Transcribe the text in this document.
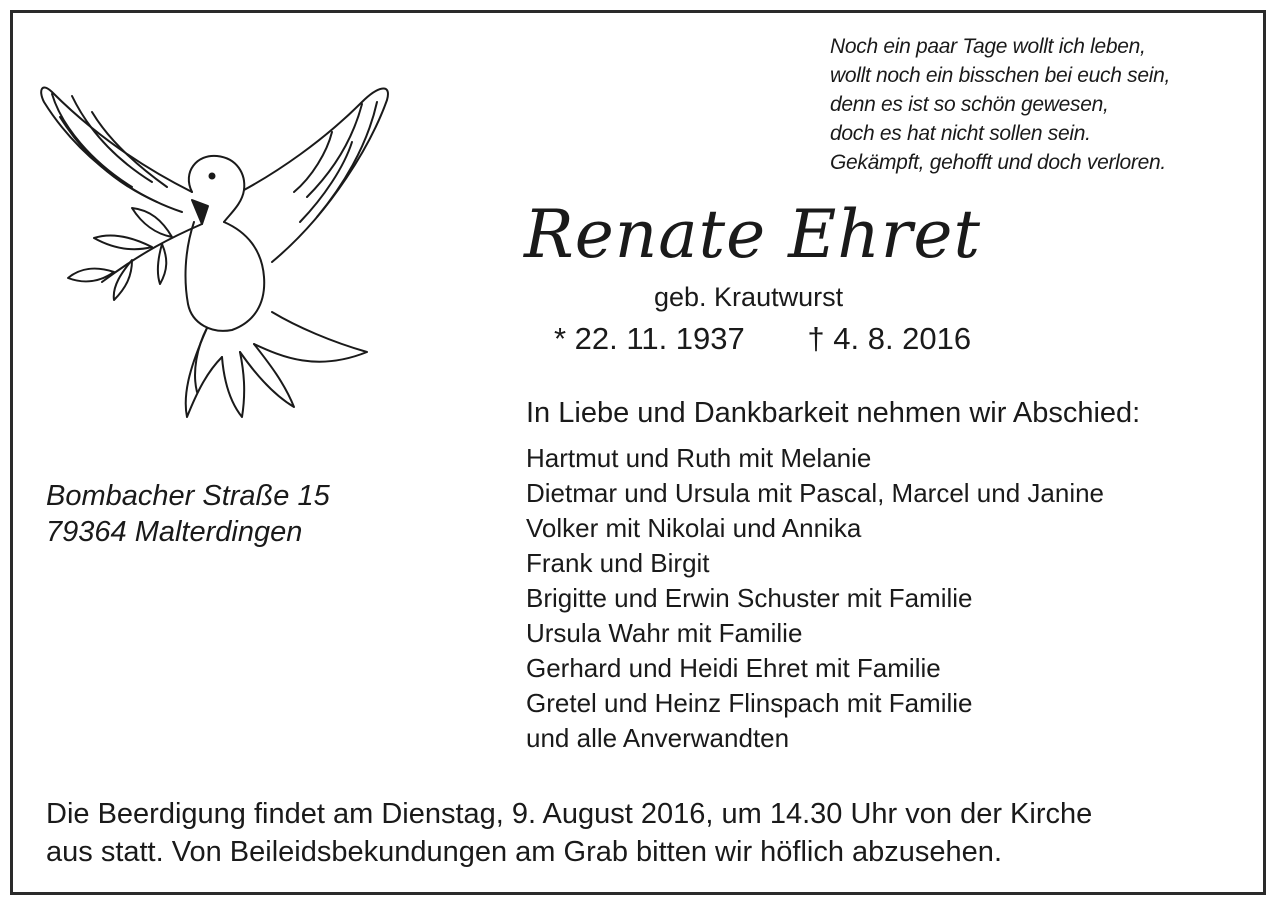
Noch ein paar Tage wollt ich leben,
wollt noch ein bisschen bei euch sein,
denn es ist so schön gewesen,
doch es hat nicht sollen sein.
Gekämpft, gehofft und doch verloren.
Renate Ehret
geb. Krautwurst
* 22. 11. 1937 † 4. 8. 2016
In Liebe und Dankbarkeit nehmen wir Abschied:
Hartmut und Ruth mit Melanie
Dietmar und Ursula mit Pascal, Marcel und Janine
Volker mit Nikolai und Annika
Frank und Birgit
Brigitte und Erwin Schuster mit Familie
Ursula Wahr mit Familie
Gerhard und Heidi Ehret mit Familie
Gretel und Heinz Flinspach mit Familie
und alle Anverwandten
Bombacher Straße 15
79364 Malterdingen
Die Beerdigung findet am Dienstag, 9. August 2016, um 14.30 Uhr von der Kirche
aus statt. Von Beileidsbekundungen am Grab bitten wir höflich abzusehen.
